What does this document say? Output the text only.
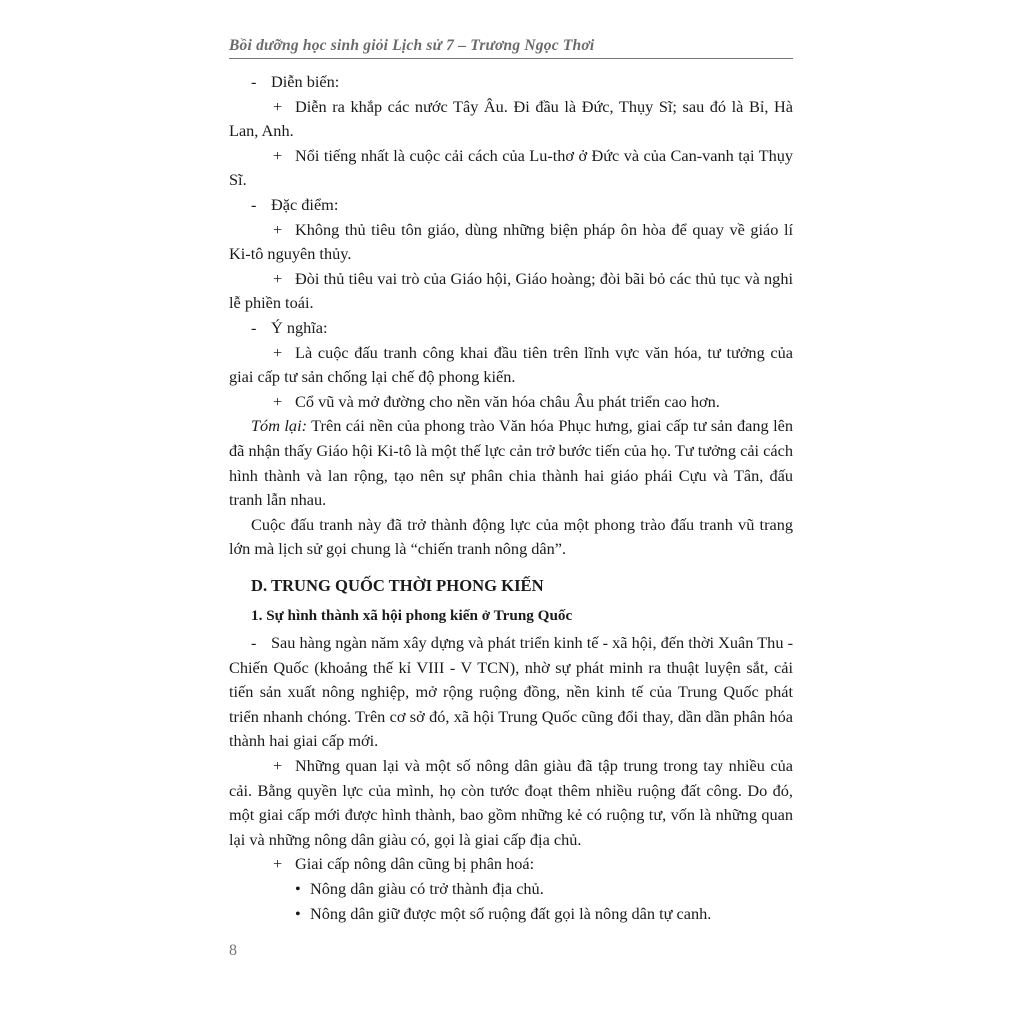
Bồi dưỡng học sinh giỏi Lịch sử 7 – Trương Ngọc Thơi

- Diễn biến:

+ Diễn ra khắp các nước Tây Âu. Đi đầu là Đức, Thụy Sĩ; sau đó là Bỉ, Hà Lan, Anh.

+ Nổi tiếng nhất là cuộc cải cách của Lu-thơ ở Đức và của Can-vanh tại Thụy Sĩ.

- Đặc điểm:

+ Không thủ tiêu tôn giáo, dùng những biện pháp ôn hòa để quay về giáo lí Ki-tô nguyên thủy.

+ Đòi thủ tiêu vai trò của Giáo hội, Giáo hoàng; đòi bãi bỏ các thủ tục và nghi lễ phiền toái.

- Ý nghĩa:

+ Là cuộc đấu tranh công khai đầu tiên trên lĩnh vực văn hóa, tư tưởng của giai cấp tư sản chống lại chế độ phong kiến.

+ Cổ vũ và mở đường cho nền văn hóa châu Âu phát triển cao hơn.

Tóm lại: Trên cái nền của phong trào Văn hóa Phục hưng, giai cấp tư sản đang lên đã nhận thấy Giáo hội Ki-tô là một thế lực cản trở bước tiến của họ. Tư tưởng cải cách hình thành và lan rộng, tạo nên sự phân chia thành hai giáo phái Cựu và Tân, đấu tranh lẫn nhau.

Cuộc đấu tranh này đã trở thành động lực của một phong trào đấu tranh vũ trang lớn mà lịch sử gọi chung là “chiến tranh nông dân”.

D. TRUNG QUỐC THỜI PHONG KIẾN

1. Sự hình thành xã hội phong kiến ở Trung Quốc

- Sau hàng ngàn năm xây dựng và phát triển kinh tế - xã hội, đến thời Xuân Thu - Chiến Quốc (khoảng thế kỉ VIII - V TCN), nhờ sự phát minh ra thuật luyện sắt, cải tiến sản xuất nông nghiệp, mở rộng ruộng đồng, nền kinh tế của Trung Quốc phát triển nhanh chóng. Trên cơ sở đó, xã hội Trung Quốc cũng đổi thay, dần dần phân hóa thành hai giai cấp mới.

+ Những quan lại và một số nông dân giàu đã tập trung trong tay nhiều của cải. Bằng quyền lực của mình, họ còn tước đoạt thêm nhiều ruộng đất công. Do đó, một giai cấp mới được hình thành, bao gồm những kẻ có ruộng tư, vốn là những quan lại và những nông dân giàu có, gọi là giai cấp địa chủ.

+ Giai cấp nông dân cũng bị phân hoá:

• Nông dân giàu có trở thành địa chủ.

• Nông dân giữ được một số ruộng đất gọi là nông dân tự canh.

8
